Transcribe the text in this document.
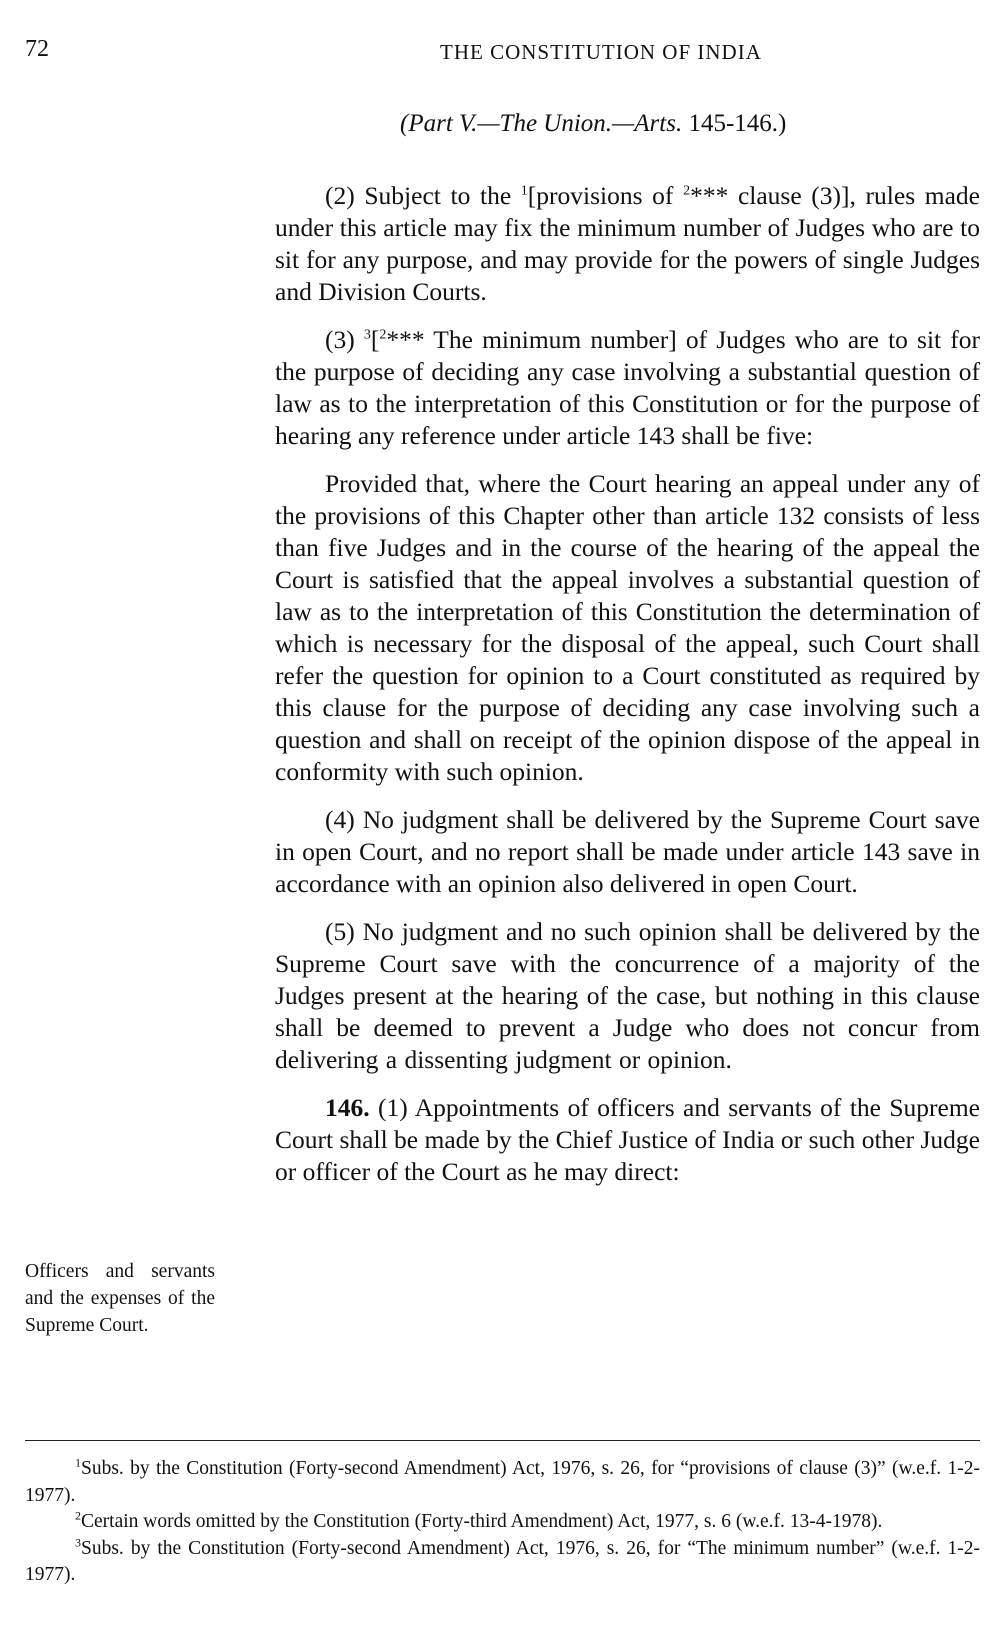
72	THE CONSTITUTION OF INDIA
(Part V.—The Union.—Arts. 145-146.)

(2) Subject to the $^1$[provisions of $^2$*** clause (3)], rules made under this article may fix the minimum number of Judges who are to sit for any purpose, and may provide for the powers of single Judges and Division Courts.

(3) $^3$[$^2$*** The minimum number] of Judges who are to sit for the purpose of deciding any case involving a substantial question of law as to the interpretation of this Constitution or for the purpose of hearing any reference under article 143 shall be five:

Provided that, where the Court hearing an appeal under any of the provisions of this Chapter other than article 132 consists of less than five Judges and in the course of the hearing of the appeal the Court is satisfied that the appeal involves a substantial question of law as to the interpretation of this Constitution the determination of which is necessary for the disposal of the appeal, such Court shall refer the question for opinion to a Court constituted as required by this clause for the purpose of deciding any case involving such a question and shall on receipt of the opinion dispose of the appeal in conformity with such opinion.

(4) No judgment shall be delivered by the Supreme Court save in open Court, and no report shall be made under article 143 save in accordance with an opinion also delivered in open Court.

(5) No judgment and no such opinion shall be delivered by the Supreme Court save with the concurrence of a majority of the Judges present at the hearing of the case, but nothing in this clause shall be deemed to prevent a Judge who does not concur from delivering a dissenting judgment or opinion.

146. (1) Appointments of officers and servants of the Supreme Court shall be made by the Chief Justice of India or such other Judge or officer of the Court as he may direct:

Officers and servants and the expenses of the Supreme Court.

$^1$Subs. by the Constitution (Forty-second Amendment) Act, 1976, s. 26, for “provisions of clause (3)” (w.e.f. 1-2-1977).

$^2$Certain words omitted by the Constitution (Forty-third Amendment) Act, 1977, s. 6 (w.e.f. 13-4-1978).

$^3$Subs. by the Constitution (Forty-second Amendment) Act, 1976, s. 26, for “The minimum number” (w.e.f. 1-2-1977).
